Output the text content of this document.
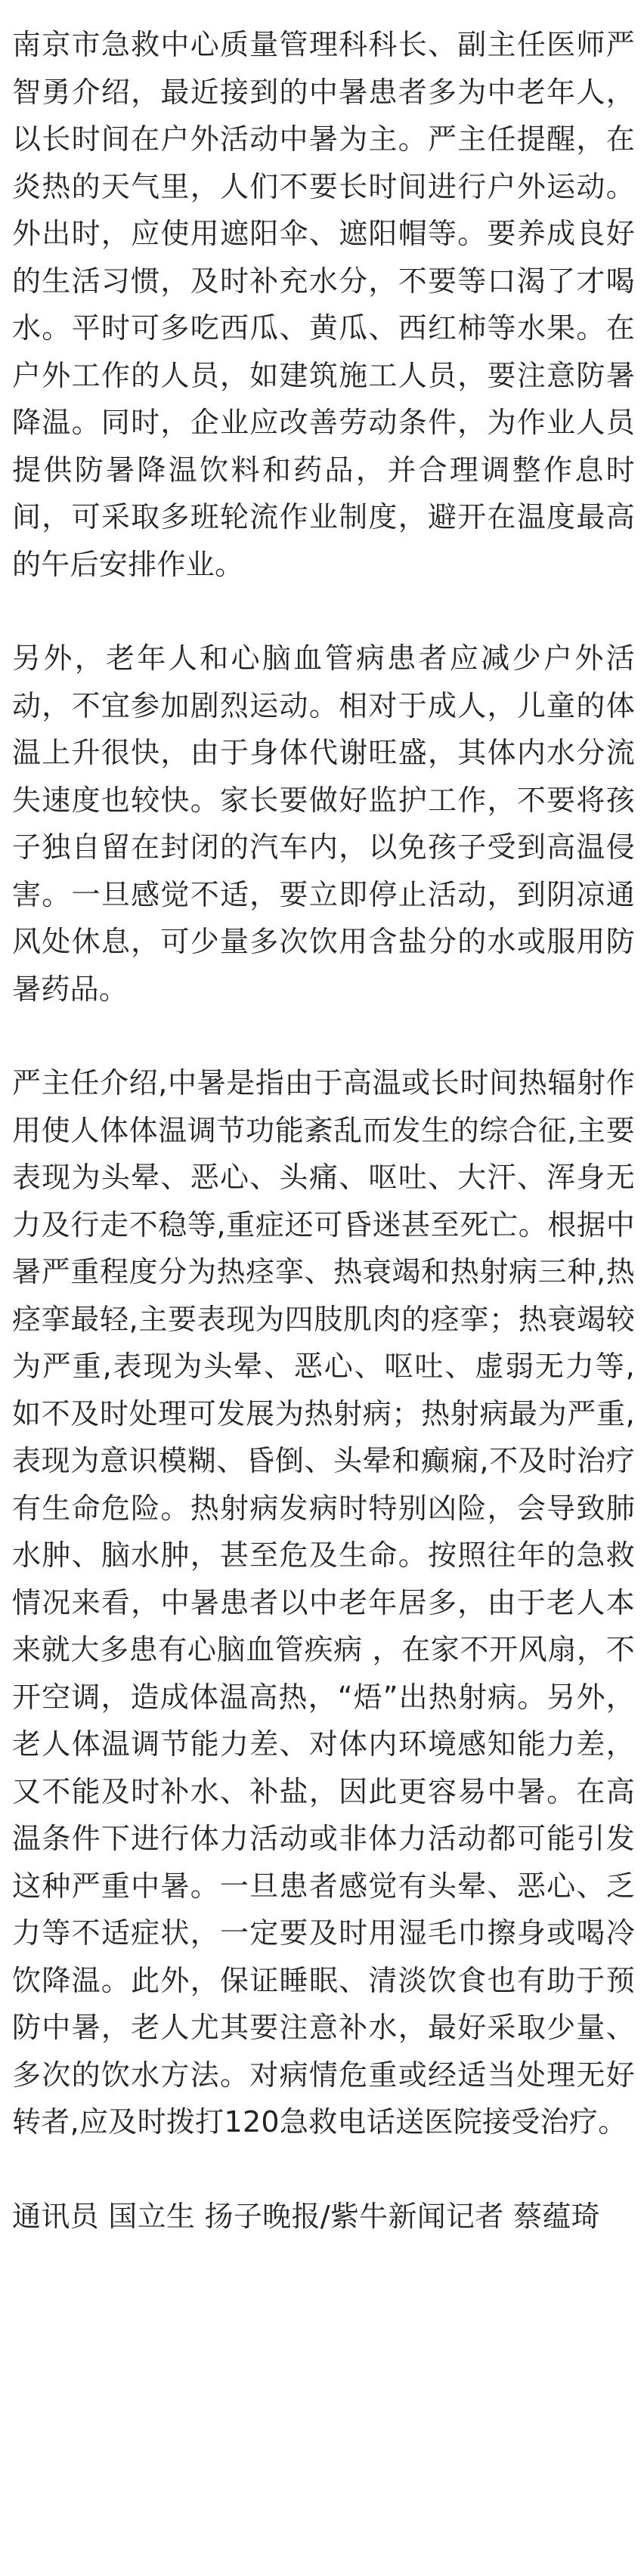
南京市急救中心质量管理科科长、副主任医师严智勇介绍，最近接到的中暑患者多为中老年人，以长时间在户外活动中暑为主。严主任提醒，在炎热的天气里，人们不要长时间进行户外运动。外出时，应使用遮阳伞、遮阳帽等。要养成良好的生活习惯，及时补充水分，不要等口渴了才喝水。平时可多吃西瓜、黄瓜、西红柿等水果。在户外工作的人员，如建筑施工人员，要注意防暑降温。同时，企业应改善劳动条件，为作业人员提供防暑降温饮料和药品，并合理调整作息时间，可采取多班轮流作业制度，避开在温度最高的午后安排作业。

另外，老年人和心脑血管病患者应减少户外活动，不宜参加剧烈运动。相对于成人，儿童的体温上升很快，由于身体代谢旺盛，其体内水分流失速度也较快。家长要做好监护工作，不要将孩子独自留在封闭的汽车内，以免孩子受到高温侵害。一旦感觉不适，要立即停止活动，到阴凉通风处休息，可少量多次饮用含盐分的水或服用防暑药品。

严主任介绍,中暑是指由于高温或长时间热辐射作用使人体体温调节功能紊乱而发生的综合征,主要表现为头晕、恶心、头痛、呕吐、大汗、浑身无力及行走不稳等,重症还可昏迷甚至死亡。根据中暑严重程度分为热痉挛、热衰竭和热射病三种,热痉挛最轻,主要表现为四肢肌肉的痉挛；热衰竭较为严重,表现为头晕、恶心、呕吐、虚弱无力等,如不及时处理可发展为热射病；热射病最为严重,表现为意识模糊、昏倒、头晕和癫痫,不及时治疗有生命危险。热射病发病时特别凶险，会导致肺水肿、脑水肿，甚至危及生命。按照往年的急救情况来看，中暑患者以中老年居多，由于老人本来就大多患有心脑血管疾病 ，在家不开风扇，不开空调，造成体温高热，“焐”出热射病。另外，老人体温调节能力差、对体内环境感知能力差，又不能及时补水、补盐，因此更容易中暑。在高温条件下进行体力活动或非体力活动都可能引发这种严重中暑。一旦患者感觉有头晕、恶心、乏力等不适症状，一定要及时用湿毛巾擦身或喝冷饮降温。此外，保证睡眠、清淡饮食也有助于预防中暑，老人尤其要注意补水，最好采取少量、多次的饮水方法。对病情危重或经适当处理无好转者,应及时拨打120急救电话送医院接受治疗。

通讯员 国立生 扬子晚报/紫牛新闻记者 蔡蕴琦
